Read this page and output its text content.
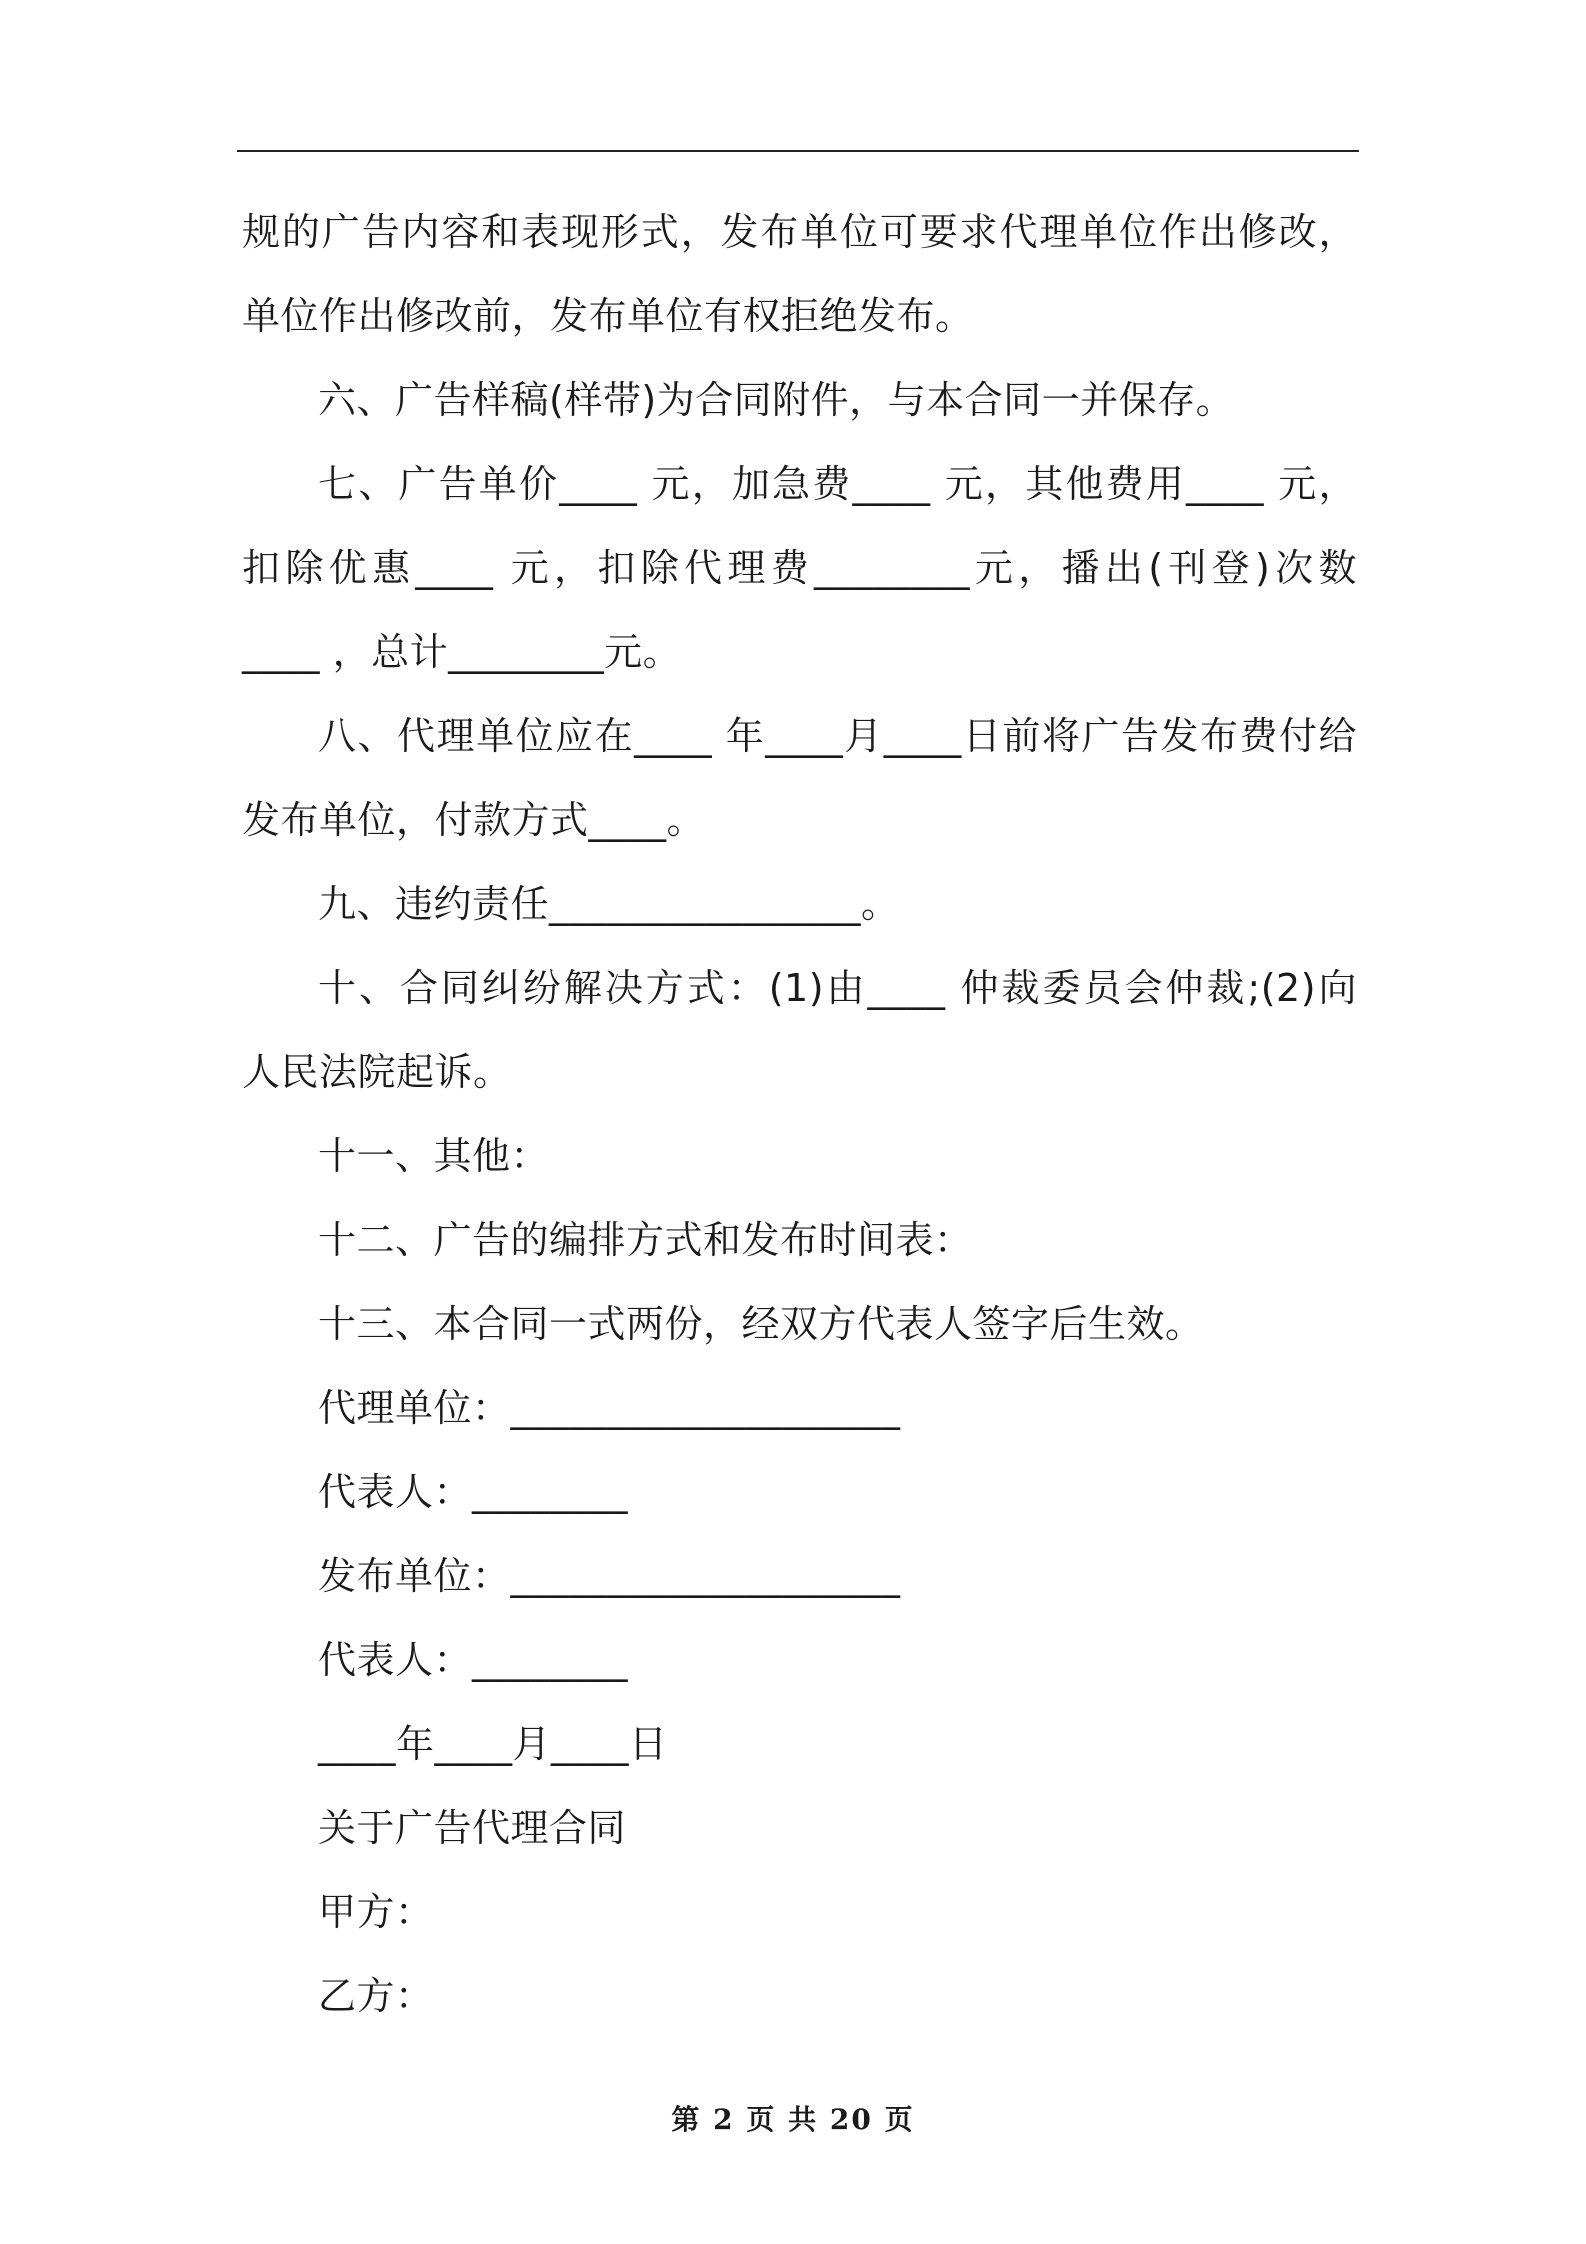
规的广告内容和表现形式，发布单位可要求代理单位作出修改，
单位作出修改前，发布单位有权拒绝发布。
六、广告样稿(样带)为合同附件，与本合同一并保存。
七、广告单价____ 元，加急费____ 元，其他费用____ 元，
扣除优惠____ 元，扣除代理费________元，播出(刊登)次数
____ ，总计________元。
八、代理单位应在____ 年____月____日前将广告发布费付给
发布单位，付款方式____。
九、违约责任________________。
十、合同纠纷解决方式：(1)由____ 仲裁委员会仲裁;(2)向
人民法院起诉。
十一、其他：
十二、广告的编排方式和发布时间表：
十三、本合同一式两份，经双方代表人签字后生效。
代理单位：____________________
代表人：________
发布单位：____________________
代表人：________
____年____月____日
关于广告代理合同
甲方：
乙方：
第 2 页 共 20 页
